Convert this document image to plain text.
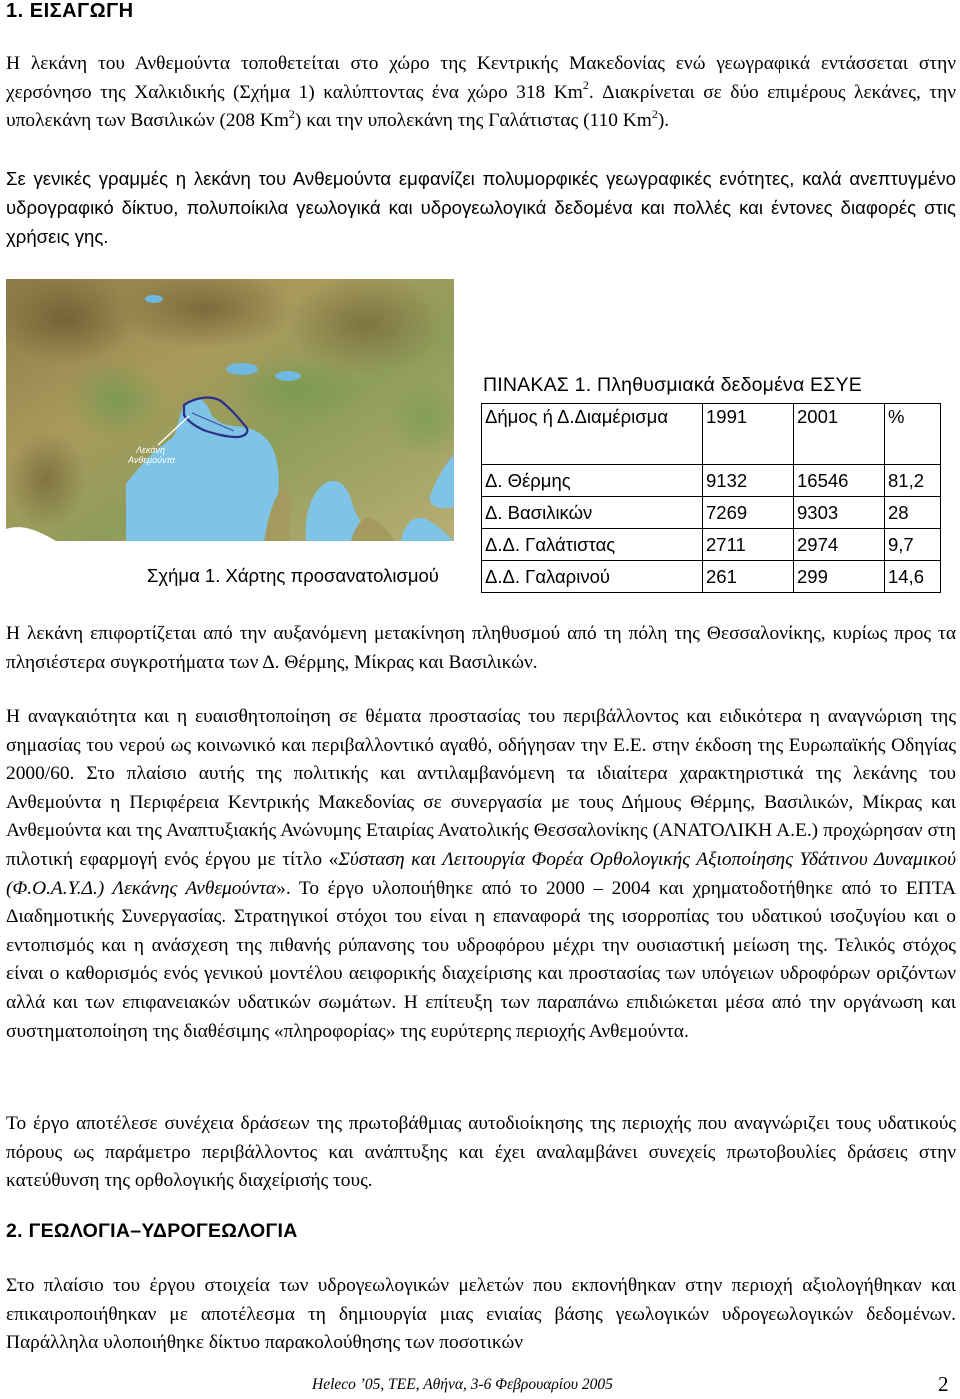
1. ΕΙΣΑΓΩΓΗ

Η λεκάνη του Ανθεμούντα τοποθετείται στο χώρο της Κεντρικής Μακεδονίας ενώ γεωγραφικά εντάσσεται στην χερσόνησο της Χαλκιδικής (Σχήμα 1) καλύπτοντας ένα χώρο 318 Km$^2$. Διακρίνεται σε δύο επιμέρους λεκάνες, την υπολεκάνη των Βασιλικών (208 Km$^2$) και την υπολεκάνη της Γαλάτιστας (110 Km$^2$).

Σε γενικές γραμμές η λεκάνη του Ανθεμούντα εμφανίζει πολυμορφικές γεωγραφικές ενότητες, καλά ανεπτυγμένο υδρογραφικό δίκτυο, πολυποίκιλα γεωλογικά και υδρογεωλογικά δεδομένα και πολλές και έντονες διαφορές στις χρήσεις γης.

Λεκάνη
Ανθεμούντα
Σχήμα 1. Χάρτης προσανατολισμού
ΠΙΝΑΚΑΣ 1. Πληθυσμιακά δεδομένα ΕΣΥΕ
Δήμος ή Δ.Διαμέρισμα	1991	2001	%
Δ. Θέρμης	9132	16546	81,2
Δ. Βασιλικών	7269	9303	28
Δ.Δ. Γαλάτιστας	2711	2974	9,7
Δ.Δ. Γαλαρινού	261	299	14,6

Η λεκάνη επιφορτίζεται από την αυξανόμενη μετακίνηση πληθυσμού από τη πόλη της Θεσσαλονίκης, κυρίως προς τα πλησιέστερα συγκροτήματα των Δ. Θέρμης, Μίκρας και Βασιλικών.

Η αναγκαιότητα και η ευαισθητοποίηση σε θέματα προστασίας του περιβάλλοντος και ειδικότερα η αναγνώριση της σημασίας του νερού ως κοινωνικό και περιβαλλοντικό αγαθό, οδήγησαν την Ε.Ε. στην έκδοση της Ευρωπαϊκής Οδηγίας 2000/60. Στο πλαίσιο αυτής της πολιτικής και αντιλαμβανόμενη τα ιδιαίτερα χαρακτηριστικά της λεκάνης του Ανθεμούντα η Περιφέρεια Κεντρικής Μακεδονίας σε συνεργασία με τους Δήμους Θέρμης, Βασιλικών, Μίκρας και Ανθεμούντα και της Αναπτυξιακής Ανώνυμης Εταιρίας Ανατολικής Θεσσαλονίκης (ΑΝΑΤΟΛΙΚΗ Α.Ε.) προχώρησαν στη πιλοτική εφαρμογή ενός έργου με τίτλο «Σύσταση και Λειτουργία Φορέα Ορθολογικής Αξιοποίησης Υδάτινου Δυναμικού (Φ.Ο.Α.Υ.Δ.) Λεκάνης Ανθεμούντα». Το έργο υλοποιήθηκε από το 2000 – 2004 και χρηματοδοτήθηκε από το ΕΠΤΑ Διαδημοτικής Συνεργασίας. Στρατηγικοί στόχοι του είναι η επαναφορά της ισορροπίας του υδατικού ισοζυγίου και ο εντοπισμός και η ανάσχεση της πιθανής ρύπανσης του υδροφόρου μέχρι την ουσιαστική μείωση της. Τελικός στόχος είναι ο καθορισμός ενός γενικού μοντέλου αειφορικής διαχείρισης και προστασίας των υπόγειων υδροφόρων οριζόντων αλλά και των επιφανειακών υδατικών σωμάτων. Η επίτευξη των παραπάνω επιδιώκεται μέσα από την οργάνωση και συστηματοποίηση της διαθέσιμης «πληροφορίας» της ευρύτερης περιοχής Ανθεμούντα.

Το έργο αποτέλεσε συνέχεια δράσεων της πρωτοβάθμιας αυτοδιοίκησης της περιοχής που αναγνώριζει τους υδατικούς πόρους ως παράμετρο περιβάλλοντος και ανάπτυξης και έχει αναλαμβάνει συνεχείς πρωτοβουλίες δράσεις στην κατεύθυνση της ορθολογικής διαχείρισής τους.

2. ΓΕΩΛΟΓΙΑ–ΥΔΡΟΓΕΩΛΟΓΙΑ

Στο πλαίσιο του έργου στοιχεία των υδρογεωλογικών μελετών που εκπονήθηκαν στην περιοχή αξιολογήθηκαν και επικαιροποιήθηκαν με αποτέλεσμα τη δημιουργία μιας ενιαίας βάσης γεωλογικών υδρογεωλογικών δεδομένων. Παράλληλα υλοποιήθηκε δίκτυο παρακολούθησης των ποσοτικών

Heleco ’05, ΤΕΕ, Αθήνα, 3-6 Φεβρουαρίου 2005	2
